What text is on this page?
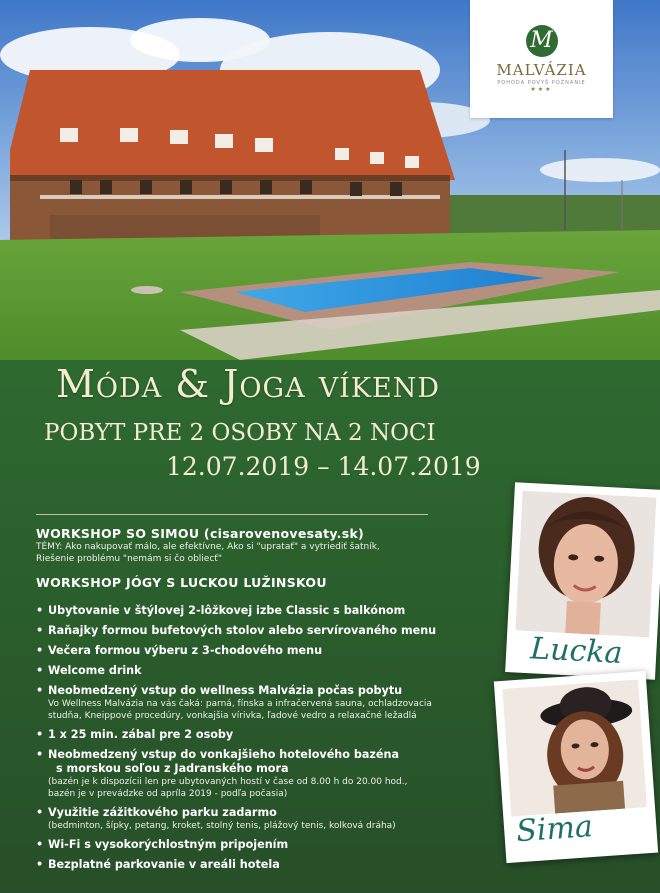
M
MALVÁZIA
POHODA POVYŠ POZNANIE
★★★
Móda & Joga víkend
POBYT PRE 2 OSOBY NA 2 NOCI
12.07.2019 – 14.07.2019
WORKSHOP SO SIMOU (cisarovenovesaty.sk)
TÉMY: Ako nakupovať málo, ale efektívne, Ako si "upratať" a vytriediť šatník,
Riešenie problému "nemám si čo obliecť"
WORKSHOP JÓGY S LUCKOU LUŽINSKOU
• Ubytovanie v štýlovej 2-lôžkovej izbe Classic s balkónom
• Raňajky formou bufetových stolov alebo servírovaného menu
• Večera formou výberu z 3-chodového menu
• Welcome drink
• Neobmedzený vstup do wellness Malvázia počas pobytu
Vo Wellness Malvázia na vás čaká: parná, fínska a infračervená sauna, ochladzovacia
studňa, Kneippové procedúry, vonkajšia vírivka, ľadové vedro a relaxačné ležadlá
• 1 x 25 min. zábal pre 2 osoby
• Neobmedzený vstup do vonkajšieho hotelového bazéna
s morskou soľou z Jadranského mora
(bazén je k dispozícii len pre ubytovaných hostí v čase od 8.00 h do 20.00 hod.,
bazén je v prevádzke od apríla 2019 - podľa počasia)
• Využitie zážitkového parku zadarmo
(bedminton, šípky, petang, kroket, stolný tenis, plážový tenis, kolková dráha)
• Wi-Fi s vysokorýchlostným pripojením
• Bezplatné parkovanie v areáli hotela
Lucka
Sima
